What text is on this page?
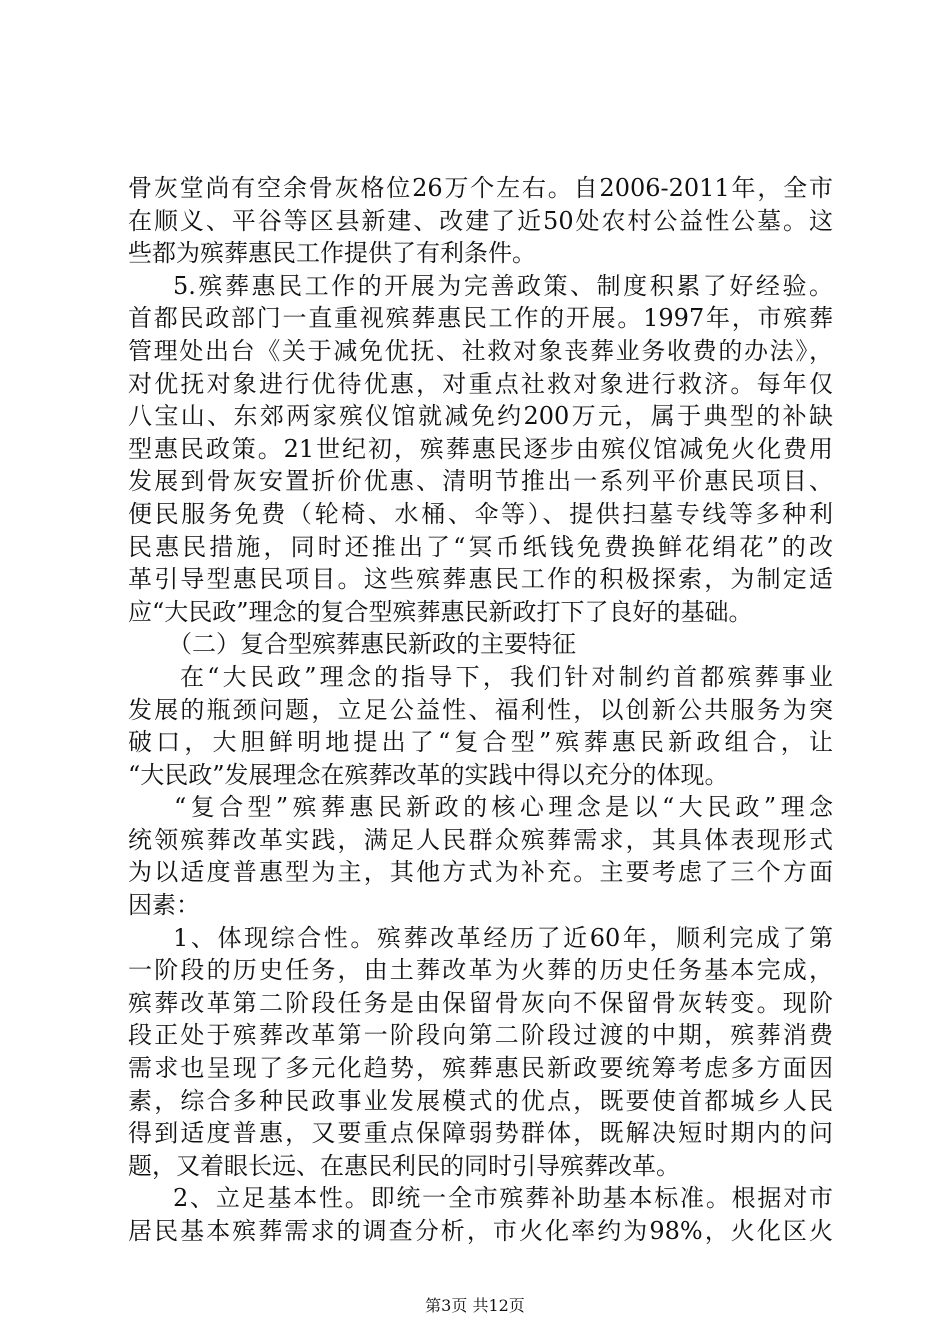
骨灰堂尚有空余骨灰格位26万个左右。自2006-2011年，全市
在顺义、平谷等区县新建、改建了近50处农村公益性公墓。这
些都为殡葬惠民工作提供了有利条件。
5.殡葬惠民工作的开展为完善政策、制度积累了好经验。
首都民政部门一直重视殡葬惠民工作的开展。1997年，市殡葬
管理处出台《关于减免优抚、社救对象丧葬业务收费的办法》，
对优抚对象进行优待优惠，对重点社救对象进行救济。每年仅
八宝山、东郊两家殡仪馆就减免约200万元，属于典型的补缺
型惠民政策。21世纪初，殡葬惠民逐步由殡仪馆减免火化费用
发展到骨灰安置折价优惠、清明节推出一系列平价惠民项目、
便民服务免费（轮椅、水桶、伞等）、提供扫墓专线等多种利
民惠民措施，同时还推出了“冥币纸钱免费换鲜花绢花”的改
革引导型惠民项目。这些殡葬惠民工作的积极探索，为制定适
应“大民政”理念的复合型殡葬惠民新政打下了良好的基础。
（二）复合型殡葬惠民新政的主要特征
在“大民政”理念的指导下，我们针对制约首都殡葬事业
发展的瓶颈问题，立足公益性、福利性，以创新公共服务为突
破口，大胆鲜明地提出了“复合型”殡葬惠民新政组合，让
“大民政”发展理念在殡葬改革的实践中得以充分的体现。
“复合型”殡葬惠民新政的核心理念是以“大民政”理念
统领殡葬改革实践，满足人民群众殡葬需求，其具体表现形式
为以适度普惠型为主，其他方式为补充。主要考虑了三个方面
因素：
1、体现综合性。殡葬改革经历了近60年，顺利完成了第
一阶段的历史任务，由土葬改革为火葬的历史任务基本完成，
殡葬改革第二阶段任务是由保留骨灰向不保留骨灰转变。现阶
段正处于殡葬改革第一阶段向第二阶段过渡的中期，殡葬消费
需求也呈现了多元化趋势，殡葬惠民新政要统筹考虑多方面因
素，综合多种民政事业发展模式的优点，既要使首都城乡人民
得到适度普惠，又要重点保障弱势群体，既解决短时期内的问
题，又着眼长远、在惠民利民的同时引导殡葬改革。
2、立足基本性。即统一全市殡葬补助基本标准。根据对市
居民基本殡葬需求的调查分析，市火化率约为98%，火化区火
第3页 共12页
